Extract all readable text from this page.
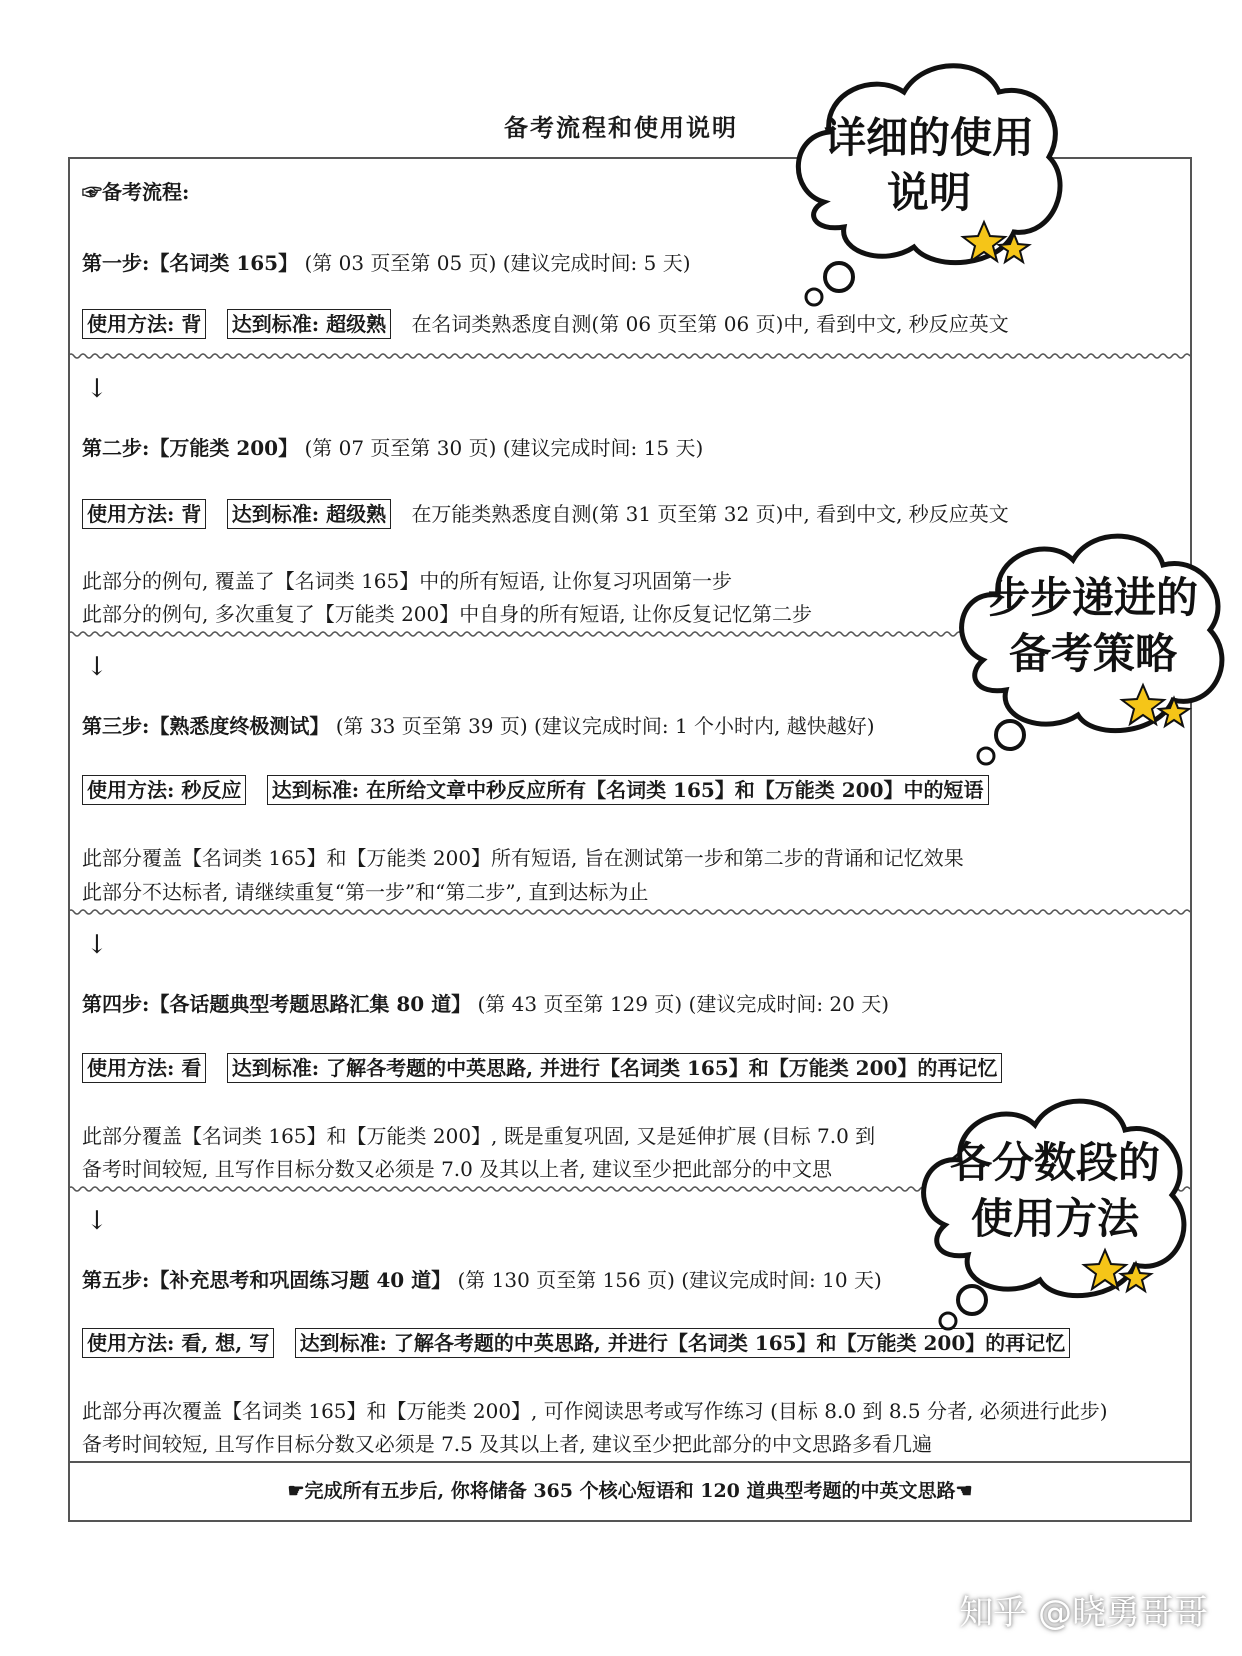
备考流程和使用说明
☞备考流程:
第一步:【名词类 165】 (第 03 页至第 05 页) (建议完成时间: 5 天)
使用方法: 背 达到标准: 超级熟 在名词类熟悉度自测(第 06 页至第 06 页)中, 看到中文, 秒反应英文
↓
第二步:【万能类 200】 (第 07 页至第 30 页) (建议完成时间: 15 天)
使用方法: 背 达到标准: 超级熟 在万能类熟悉度自测(第 31 页至第 32 页)中, 看到中文, 秒反应英文
此部分的例句, 覆盖了【名词类 165】中的所有短语, 让你复习巩固第一步
此部分的例句, 多次重复了【万能类 200】中自身的所有短语, 让你反复记忆第二步
↓
第三步:【熟悉度终极测试】 (第 33 页至第 39 页) (建议完成时间: 1 个小时内, 越快越好)
使用方法: 秒反应 达到标准: 在所给文章中秒反应所有【名词类 165】和【万能类 200】中的短语
此部分覆盖【名词类 165】和【万能类 200】所有短语, 旨在测试第一步和第二步的背诵和记忆效果
此部分不达标者, 请继续重复“第一步”和“第二步”, 直到达标为止
↓
第四步:【各话题典型考题思路汇集 80 道】 (第 43 页至第 129 页) (建议完成时间: 20 天)
使用方法: 看 达到标准: 了解各考题的中英思路, 并进行【名词类 165】和【万能类 200】的再记忆
此部分覆盖【名词类 165】和【万能类 200】, 既是重复巩固, 又是延伸扩展 (目标 7.0 到
备考时间较短, 且写作目标分数又必须是 7.0 及其以上者, 建议至少把此部分的中文思
↓
第五步:【补充思考和巩固练习题 40 道】 (第 130 页至第 156 页) (建议完成时间: 10 天)
使用方法: 看, 想, 写 达到标准: 了解各考题的中英思路, 并进行【名词类 165】和【万能类 200】的再记忆
此部分再次覆盖【名词类 165】和【万能类 200】, 可作阅读思考或写作练习 (目标 8.0 到 8.5 分者, 必须进行此步)
备考时间较短, 且写作目标分数又必须是 7.5 及其以上者, 建议至少把此部分的中文思路多看几遍
☛完成所有五步后, 你将储备 365 个核心短语和 120 道典型考题的中英文思路☚
详细的使用
说明
步步递进的
备考策略
各分数段的
使用方法
知乎 @晓勇哥哥
